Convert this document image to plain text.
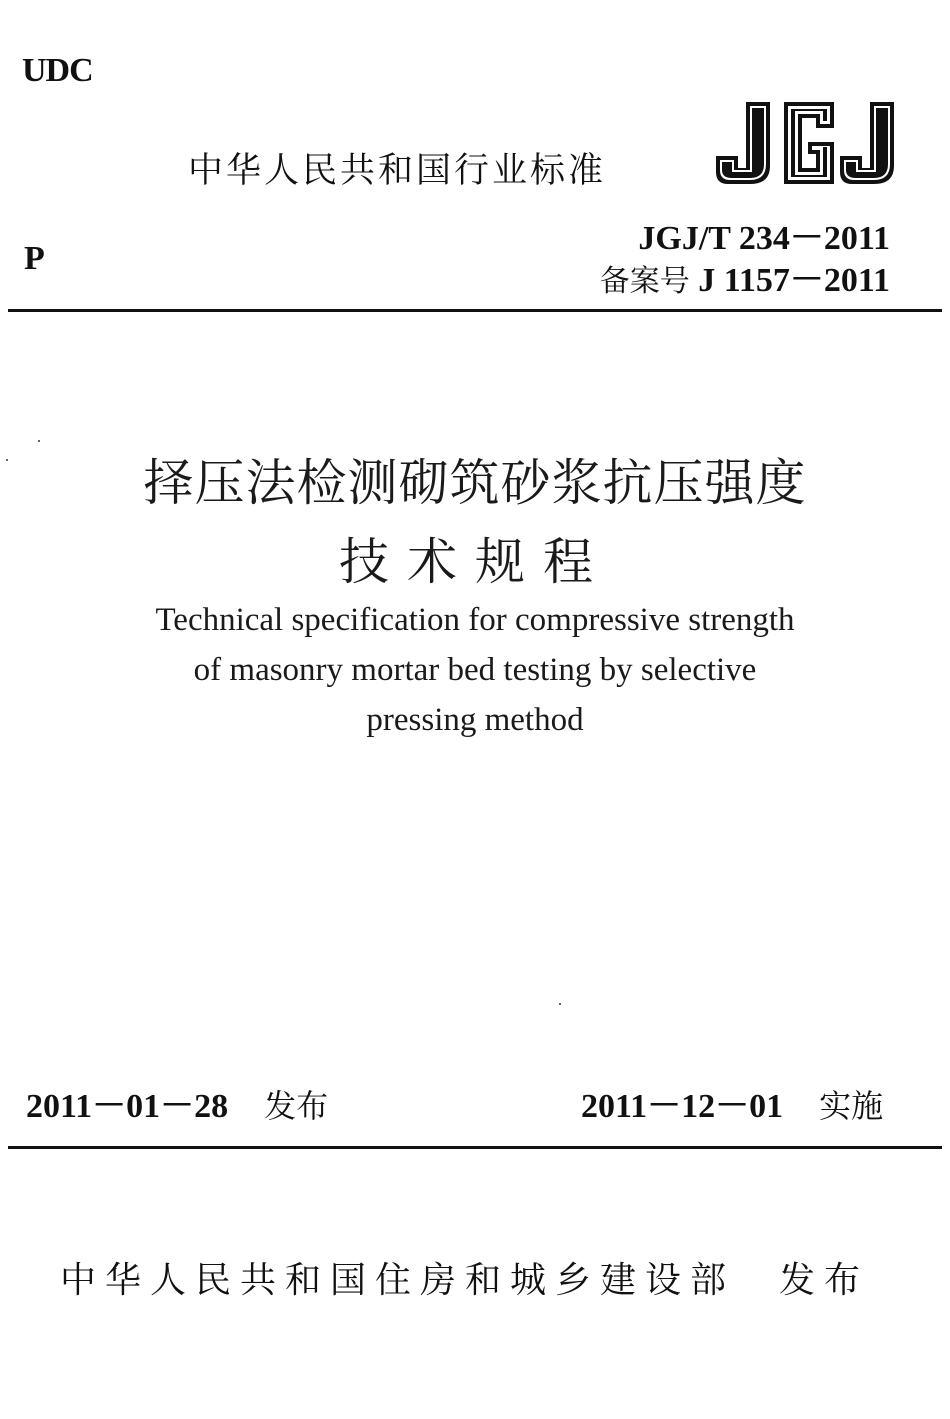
UDC
中华人民共和国行业标准
JGJ/T 234－2011
P
备案号 J 1157－2011
择压法检测砌筑砂浆抗压强度
技术规程
Technical specification for compressive strength
of masonry mortar bed testing by selective
pressing method
2011－01－28 发布	2011－12－01 实施
中华人民共和国住房和城乡建设部 发布
